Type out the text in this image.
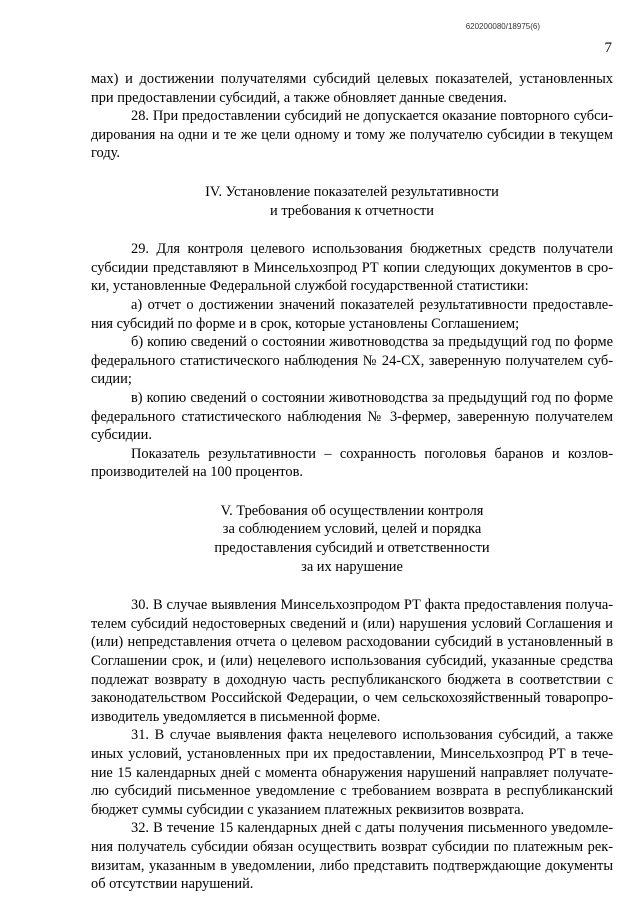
620200080/18975(6)
7

мах) и достижении получателями субсидий целевых показателей, установленных
при предоставлении субсидий, а также обновляет данные сведения.

28. При предоставлении субсидий не допускается оказание повторного субси-
дирования на одни и те же цели одному и тому же получателю субсидии в текущем
году.

IV. Установление показателей результативности
и требования к отчетности

29. Для контроля целевого использования бюджетных средств получатели
субсидии представляют в Минсельхозпрод РТ копии следующих документов в сро-
ки, установленные Федеральной службой государственной статистики:

а) отчет о достижении значений показателей результативности предоставле-
ния субсидий по форме и в срок, которые установлены Соглашением;

б) копию сведений о состоянии животноводства за предыдущий год по форме
федерального статистического наблюдения № 24-СХ, заверенную получателем суб-
сидии;

в) копию сведений о состоянии животноводства за предыдущий год по форме
федерального статистического наблюдения № 3-фермер, заверенную получателем
субсидии.

Показатель результативности – сохранность поголовья баранов и козлов-
производителей на 100 процентов.

V. Требования об осуществлении контроля
за соблюдением условий, целей и порядка
предоставления субсидий и ответственности
за их нарушение

30. В случае выявления Минсельхозпродом РТ факта предоставления получа-
телем субсидий недостоверных сведений и (или) нарушения условий Соглашения и
(или) непредставления отчета о целевом расходовании субсидий в установленный в
Соглашении срок, и (или) нецелевого использования субсидий, указанные средства
подлежат возврату в доходную часть республиканского бюджета в соответствии с
законодательством Российской Федерации, о чем сельскохозяйственный товаропро-
изводитель уведомляется в письменной форме.

31. В случае выявления факта нецелевого использования субсидий, а также
иных условий, установленных при их предоставлении, Минсельхозпрод РТ в тече-
ние 15 календарных дней с момента обнаружения нарушений направляет получате-
лю субсидий письменное уведомление с требованием возврата в республиканский
бюджет суммы субсидии с указанием платежных реквизитов возврата.

32. В течение 15 календарных дней с даты получения письменного уведомле-
ния получатель субсидии обязан осуществить возврат субсидии по платежным рек-
визитам, указанным в уведомлении, либо представить подтверждающие документы
об отсутствии нарушений.
